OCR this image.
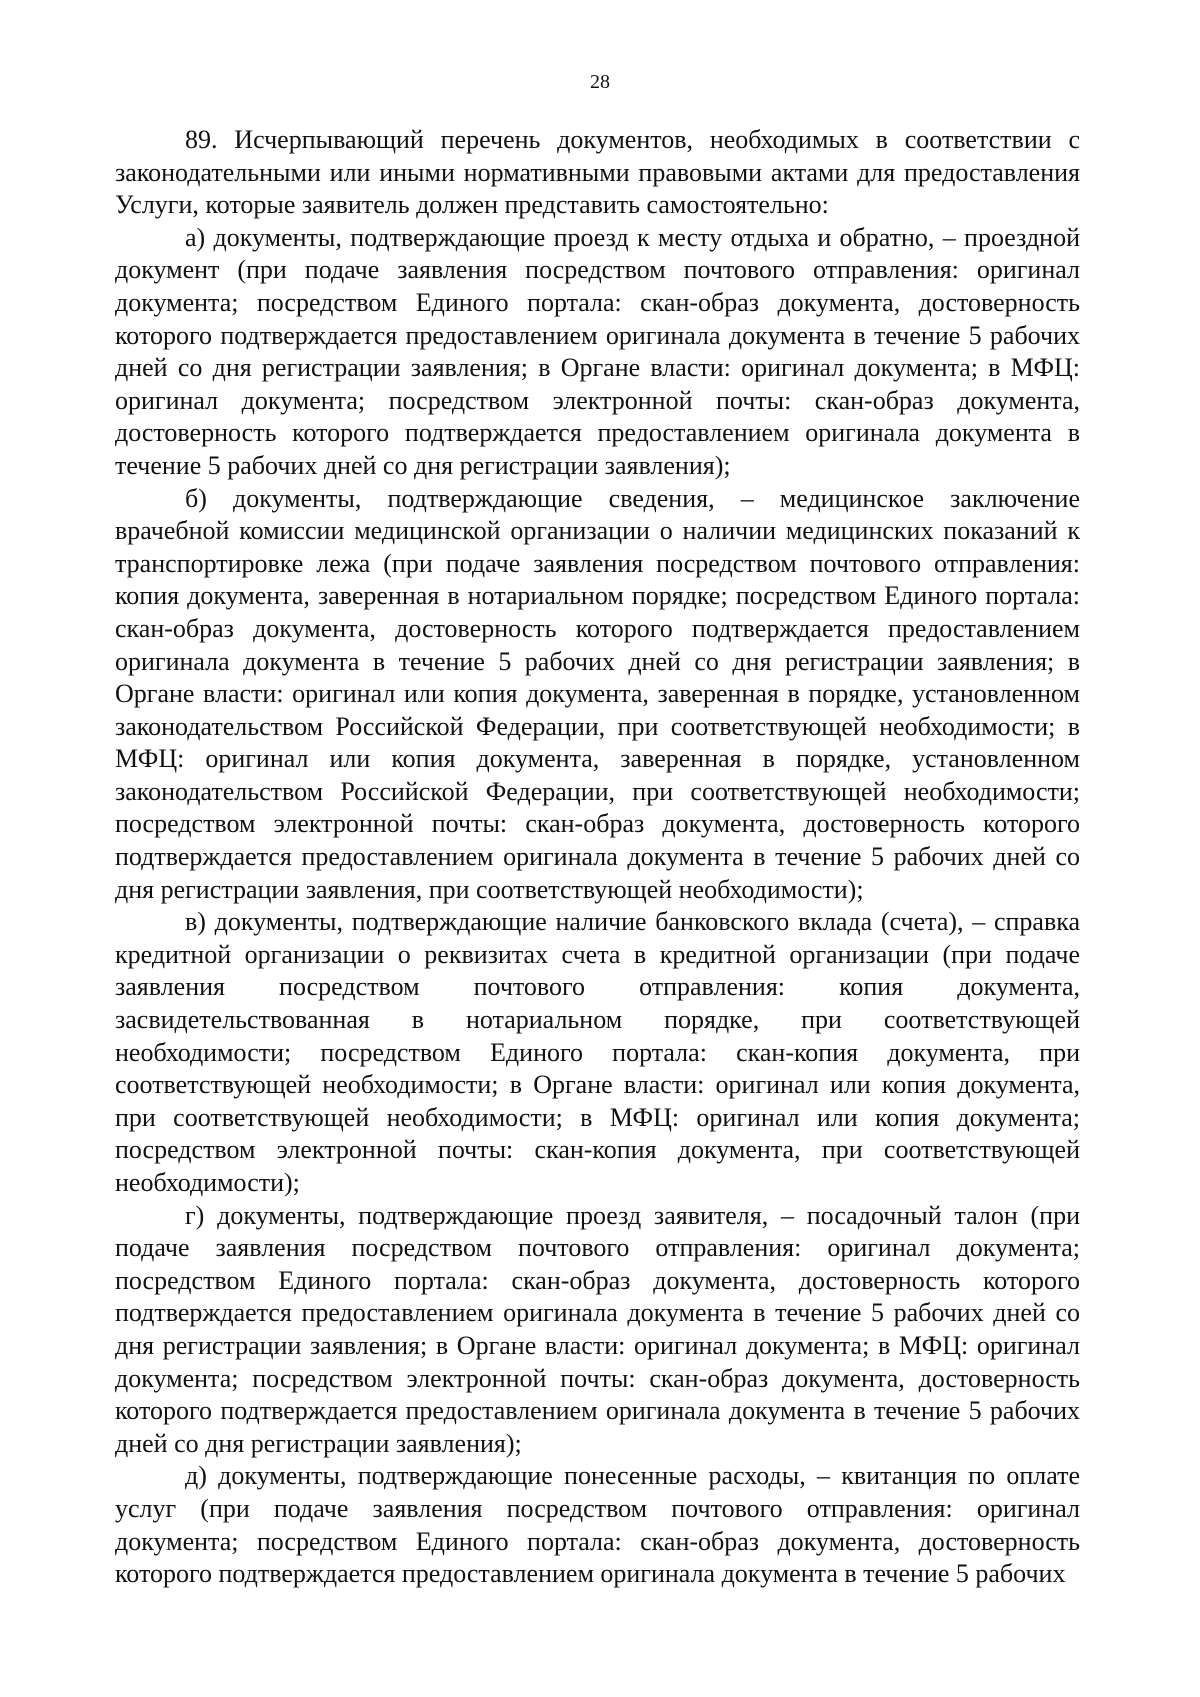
28

89. Исчерпывающий перечень документов, необходимых в соответствии с законодательными или иными нормативными правовыми актами для предоставления Услуги, которые заявитель должен представить самостоятельно:

а) документы, подтверждающие проезд к месту отдыха и обратно, – проездной документ (при подаче заявления посредством почтового отправления: оригинал документа; посредством Единого портала: скан-образ документа, достоверность которого подтверждается предоставлением оригинала документа в течение 5 рабочих дней со дня регистрации заявления; в Органе власти: оригинал документа; в МФЦ: оригинал документа; посредством электронной почты: скан-образ документа, достоверность которого подтверждается предоставлением оригинала документа в течение 5 рабочих дней со дня регистрации заявления);

б) документы, подтверждающие сведения, – медицинское заключение врачебной комиссии медицинской организации о наличии медицинских показаний к транспортировке лежа (при подаче заявления посредством почтового отправления: копия документа, заверенная в нотариальном порядке; посредством Единого портала: скан-образ документа, достоверность которого подтверждается предоставлением оригинала документа в течение 5 рабочих дней со дня регистрации заявления; в Органе власти: оригинал или копия документа, заверенная в порядке, установленном законодательством Российской Федерации, при соответствующей необходимости; в МФЦ: оригинал или копия документа, заверенная в порядке, установленном законодательством Российской Федерации, при соответствующей необходимости; посредством электронной почты: скан-образ документа, достоверность которого подтверждается предоставлением оригинала документа в течение 5 рабочих дней со дня регистрации заявления, при соответствующей необходимости);

в) документы, подтверждающие наличие банковского вклада (счета), – справка кредитной организации о реквизитах счета в кредитной организации (при подаче заявления посредством почтового отправления: копия документа, засвидетельствованная в нотариальном порядке, при соответствующей необходимости; посредством Единого портала: скан-копия документа, при соответствующей необходимости; в Органе власти: оригинал или копия документа, при соответствующей необходимости; в МФЦ: оригинал или копия документа; посредством электронной почты: скан-копия документа, при соответствующей необходимости);

г) документы, подтверждающие проезд заявителя, – посадочный талон (при подаче заявления посредством почтового отправления: оригинал документа; посредством Единого портала: скан-образ документа, достоверность которого подтверждается предоставлением оригинала документа в течение 5 рабочих дней со дня регистрации заявления; в Органе власти: оригинал документа; в МФЦ: оригинал документа; посредством электронной почты: скан-образ документа, достоверность которого подтверждается предоставлением оригинала документа в течение 5 рабочих дней со дня регистрации заявления);

д) документы, подтверждающие понесенные расходы, – квитанция по оплате услуг (при подаче заявления посредством почтового отправления: оригинал документа; посредством Единого портала: скан-образ документа, достоверность которого подтверждается предоставлением оригинала документа в течение 5 рабочих
